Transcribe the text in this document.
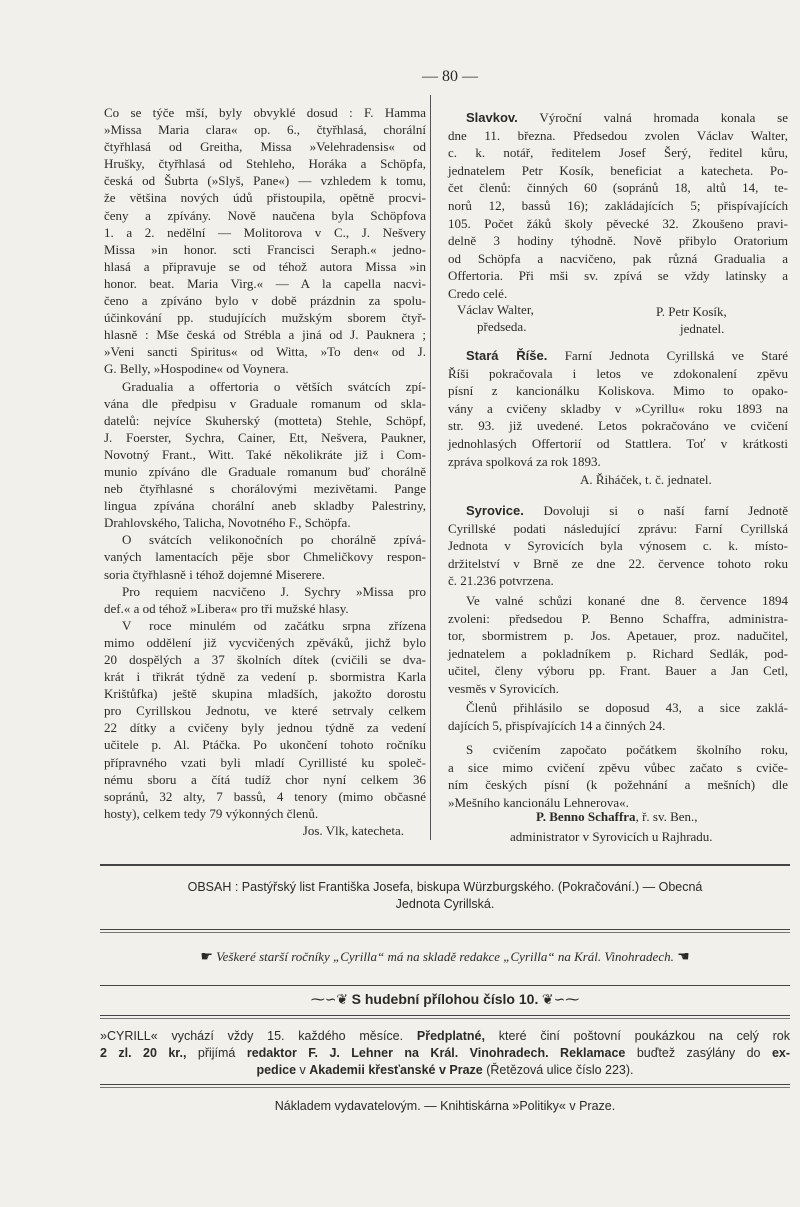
— 80 —
Co se týče mší, byly obvyklé dosud : F. Hamma
»Missa Maria clara« op. 6., čtyřhlasá, chorální
čtyřhlasá od Greitha, Missa »Velehradensis« od
Hrušky, čtyřhlasá od Stehleho, Horáka a Schöpfa,
česká od Šubrta (»Slyš, Pane«) — vzhledem k tomu,
že většina nových údů přistoupila, opětně procvi-
čeny a zpívány. Nově naučena byla Schöpfova
1. a 2. nedělní — Molitorova v C., J. Nešvery
Missa »in honor. scti Francisci Seraph.« jedno-
hlasá a připravuje se od téhož autora Missa »in
honor. beat. Maria Virg.« — A la capella nacvi-
čeno a zpíváno bylo v době prázdnin za spolu-
účinkování pp. studujících mužským sborem čtyř-
hlasně : Mše česká od Strébla a jiná od J. Pauknera ;
»Veni sancti Spiritus« od Witta, »To den« od J.
G. Belly, »Hospodine« od Voynera.
Gradualia a offertoria o větších svátcích zpí-
vána dle předpisu v Graduale romanum od skla-
datelů: nejvíce Skuherský (motteta) Stehle, Schöpf,
J. Foerster, Sychra, Cainer, Ett, Nešvera, Paukner,
Novotný Frant., Witt. Také několikráte již i Com-
munio zpíváno dle Graduale romanum buď chorálně
neb čtyřhlasné s chorálovými mezivětami. Pange
lingua zpívána chorální aneb skladby Palestriny,
Drahlovského, Talicha, Novotného F., Schöpfa.
O svátcích velikonočních po chorálně zpívá-
vaných lamentacích pěje sbor Chmeličkovy respon-
soria čtyřhlasně i téhož dojemné Miserere.
Pro requiem nacvičeno J. Sychry »Missa pro
def.« a od téhož »Libera« pro tři mužské hlasy.
V roce minulém od začátku srpna zřízena
mimo oddělení již vycvičených zpěváků, jichž bylo
20 dospělých a 37 školních dítek (cvičili se dva-
krát i třikrát týdně za vedení p. sbormistra Karla
Krištůfka) ještě skupina mladších, jakožto dorostu
pro Cyrillskou Jednotu, ve které setrvaly celkem
22 dítky a cvičeny byly jednou týdně za vedení
učitele p. Al. Ptáčka. Po ukončení tohoto ročníku
přípravného vzati byli mladí Cyrillisté ku společ-
nému sboru a čítá tudíž chor nyní celkem 36
sopránů, 32 alty, 7 bassů, 4 tenory (mimo občasné
hosty), celkem tedy 79 výkonných členů.
Jos. Vlk, katecheta.
Slavkov. Výroční valná hromada konala se
dne 11. března. Předsedou zvolen Václav Walter,
c. k. notář, ředitelem Josef Šerý, ředitel kůru,
jednatelem Petr Kosík, beneficiat a katecheta. Po-
čet členů: činných 60 (sopránů 18, altů 14, te-
norů 12, bassů 16); zakládajících 5; přispívajících
105. Počet žáků školy pěvecké 32. Zkoušeno pravi-
delně 3 hodiny týhodně. Nově přibylo Oratorium
od Schöpfa a nacvičeno, pak různá Gradualia a
Offertoria. Při mši sv. zpívá se vždy latinsky a
Credo celé.
Václav Walter,
předseda.
P. Petr Kosík,
jednatel.
Stará Říše. Farní Jednota Cyrillská ve Staré
Říši pokračovala i letos ve zdokonalení zpěvu
písní z kancionálku Koliskova. Mimo to opako-
vány a cvičeny skladby v »Cyrillu« roku 1893 na
str. 93. již uvedené. Letos pokračováno ve cvičení
jednohlasých Offertorií od Stattlera. Toť v krátkosti
zpráva spolková za rok 1893.
A. Řiháček, t. č. jednatel.
Syrovice. Dovoluji si o naší farní Jednotě
Cyrillské podati následující zprávu: Farní Cyrillská
Jednota v Syrovicích byla výnosem c. k. místo-
držitelství v Brně ze dne 22. července tohoto roku
č. 21.236 potvrzena.
Ve valné schůzi konané dne 8. července 1894
zvoleni: předsedou P. Benno Schaffra, administra-
tor, sbormistrem p. Jos. Apetauer, proz. nadučitel,
jednatelem a pokladníkem p. Richard Sedlák, pod-
učitel, členy výboru pp. Frant. Bauer a Jan Cetl,
vesměs v Syrovicích.
Členů přihlásilo se doposud 43, a sice zaklá-
dajících 5, přispívajících 14 a činných 24.
S cvičením započato počátkem školního roku,
a sice mimo cvičení zpěvu vůbec začato s cviče-
ním českých písní (k požehnání a mešních) dle
»Mešního kancionálu Lehnerova«.
P. Benno Schaffra, ř. sv. Ben.,
administrator v Syrovicích u Rajhradu.
OBSAH : Pastýřský list Františka Josefa, biskupa Würzburgského. (Pokračování.) — Obecná
Jednota Cyrillská.
☛ Veškeré starší ročníky „Cyrilla“ má na skladě redakce „Cyrilla“ na Král. Vinohradech. ☚
⁓∽❦ S hudební přílohou číslo 10. ❦∽⁓
»CYRILL« vychází vždy 15. každého měsíce. Předplatné, které činí poštovní poukázkou na celý rok
2 zl. 20 kr., přijímá redaktor F. J. Lehner na Král. Vinohradech. Reklamace buďtež zasýlány do ex-
pedice v Akademii křesťanské v Praze (Řetězová ulice číslo 223).
Nákladem vydavatelovým. — Knihtiskárna »Politiky« v Praze.
